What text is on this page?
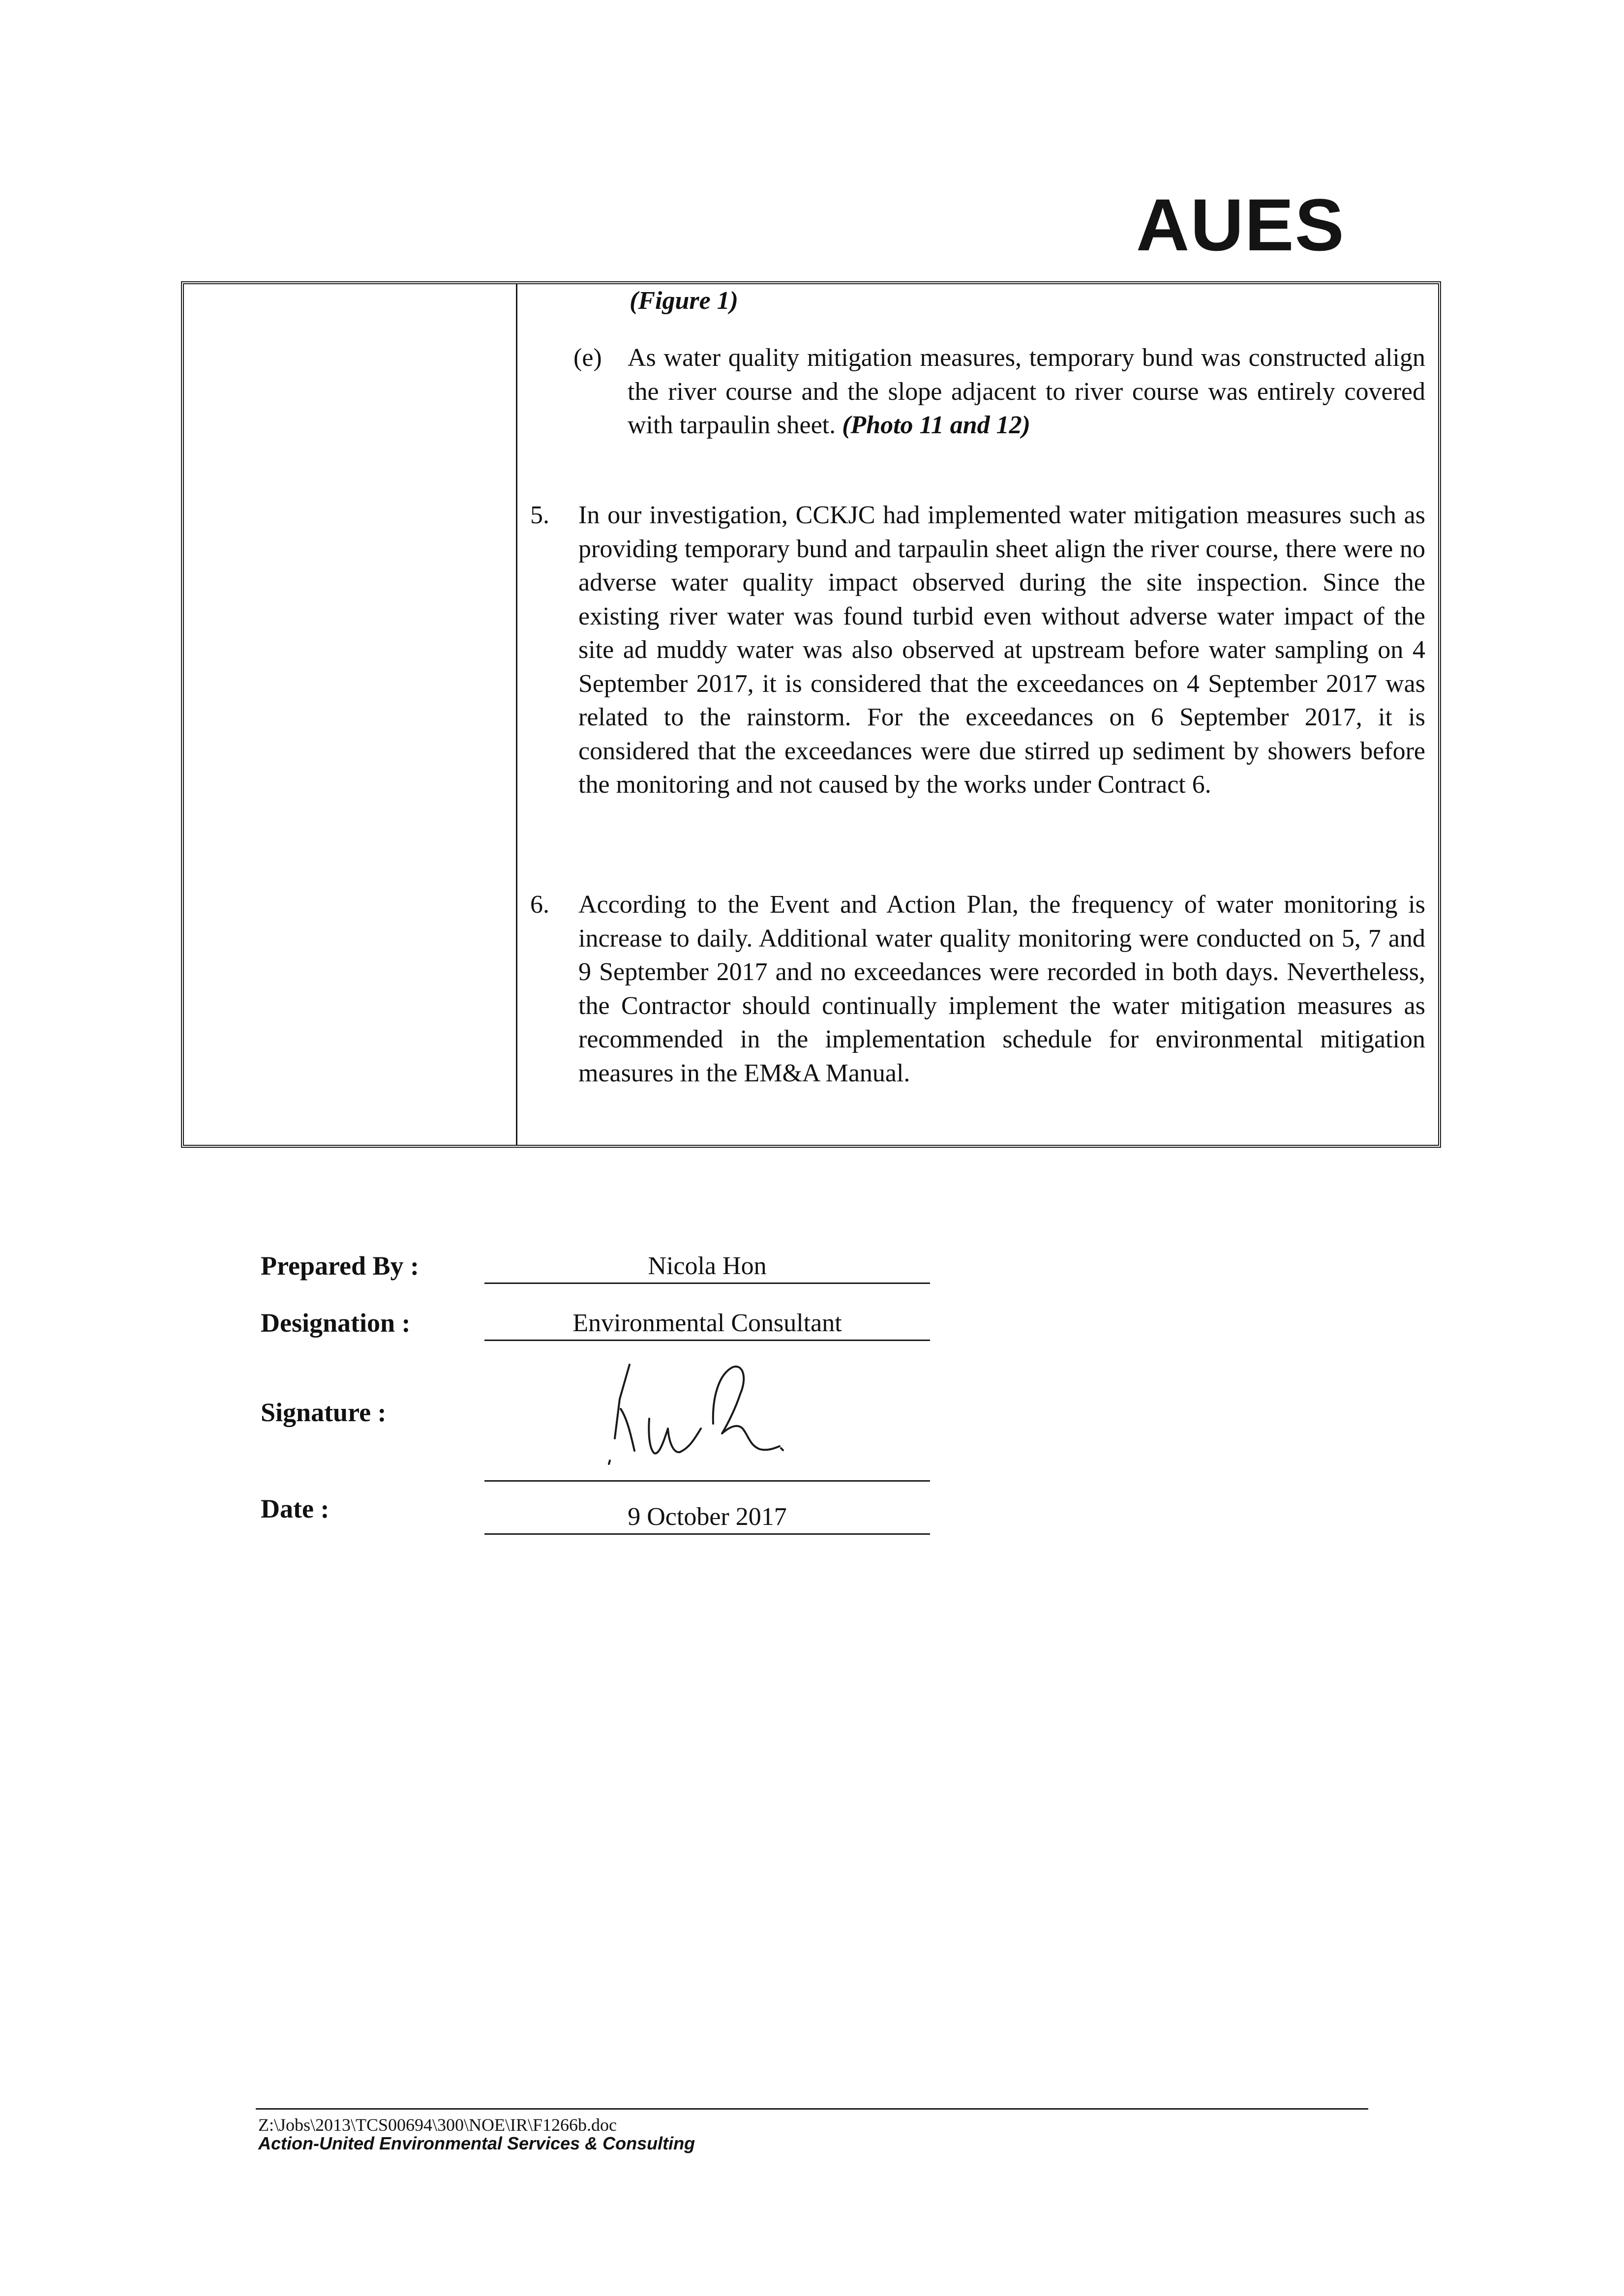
AUES
(Figure 1)
(e) As water quality mitigation measures, temporary bund was constructed align the river course and the slope adjacent to river course was entirely covered with tarpaulin sheet. (Photo 11 and 12)

5. In our investigation, CCKJC had implemented water mitigation measures such as providing temporary bund and tarpaulin sheet align the river course, there were no adverse water quality impact observed during the site inspection. Since the existing river water was found turbid even without adverse water impact of the site ad muddy water was also observed at upstream before water sampling on 4 September 2017, it is considered that the exceedances on 4 September 2017 was related to the rainstorm. For the exceedances on 6 September 2017, it is considered that the exceedances were due stirred up sediment by showers before the monitoring and not caused by the works under Contract 6.

6. According to the Event and Action Plan, the frequency of water monitoring is increase to daily. Additional water quality monitoring were conducted on 5, 7 and 9 September 2017 and no exceedances were recorded in both days. Nevertheless, the Contractor should continually implement the water mitigation measures as recommended in the implementation schedule for environmental mitigation measures in the EM&A Manual.

Prepared By :	Nicola Hon
Designation :	Environmental Consultant
Signature :
Date :	9 October 2017
Z:\Jobs\2013\TCS00694\300\NOE\IR\F1266b.doc
Action-United Environmental Services & Consulting
